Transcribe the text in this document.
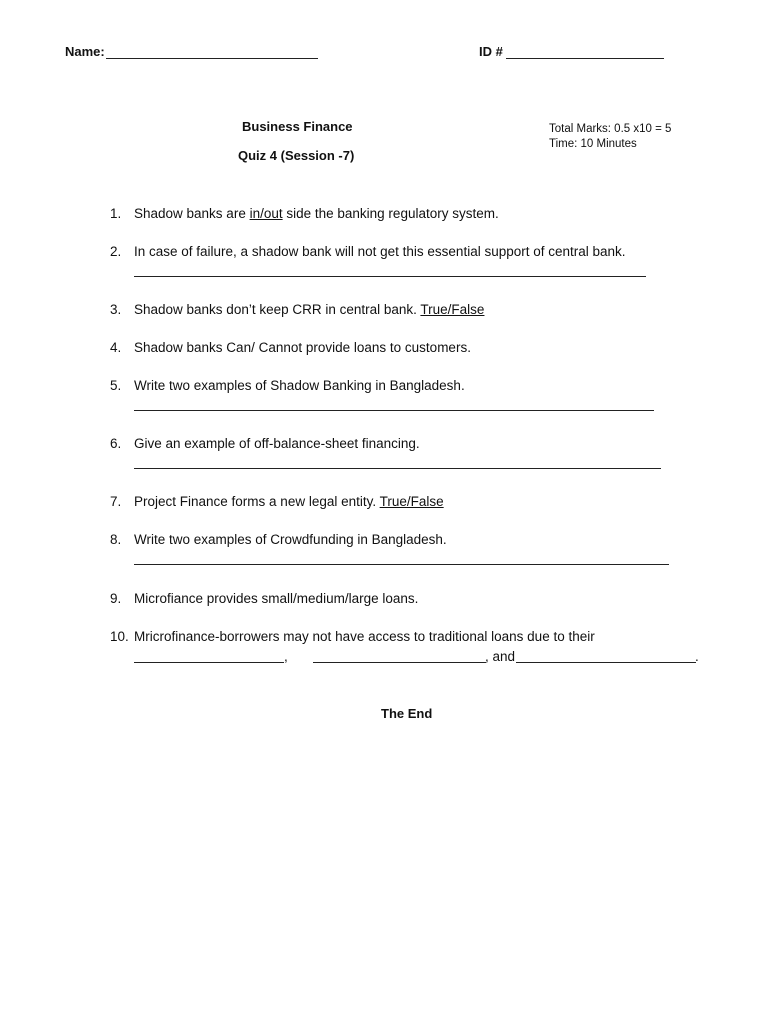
Name:	ID #
Business Finance
Quiz 4 (Session -7)
Total Marks: 0.5 x10 = 5
Time: 10 Minutes
1. Shadow banks are in/out side the banking regulatory system.
2. In case of failure, a shadow bank will not get this essential support of central bank.
3. Shadow banks don’t keep CRR in central bank. True/False
4. Shadow banks Can/ Cannot provide loans to customers.
5. Write two examples of Shadow Banking in Bangladesh.
6. Give an example of off-balance-sheet financing.
7. Project Finance forms a new legal entity. True/False
8. Write two examples of Crowdfunding in Bangladesh.
9. Microfiance provides small/medium/large loans.
10. Mricrofinance-borrowers may not have access to traditional loans due to their
,	, and	.
The End
